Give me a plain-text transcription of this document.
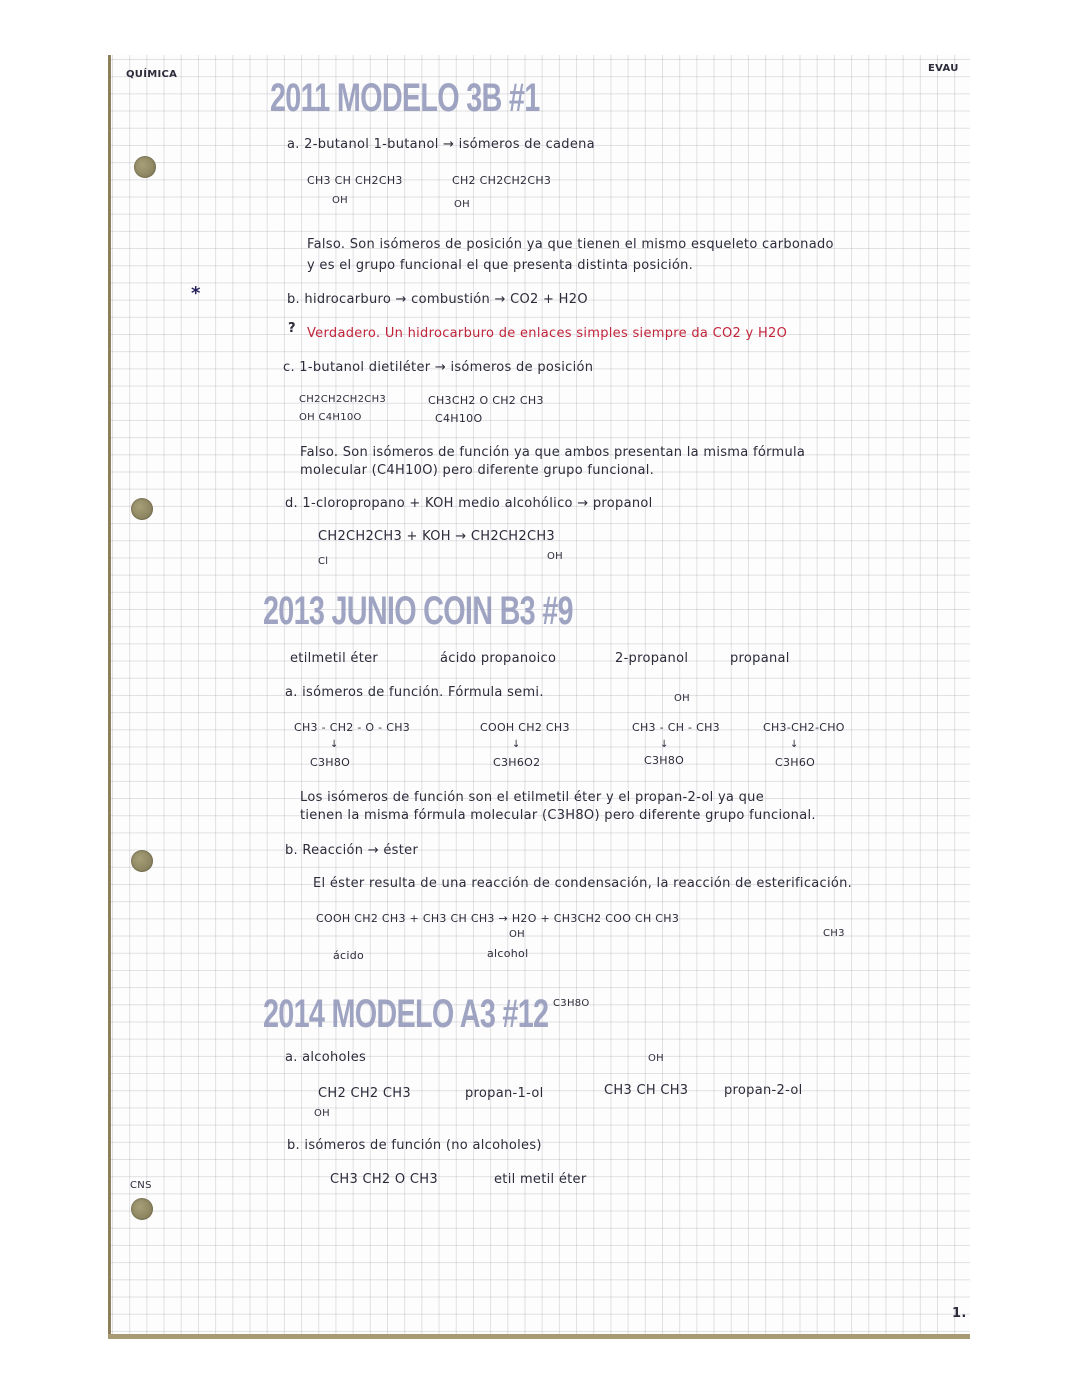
QUÍMICA
EVAU
CNS
1.
2011 MODELO 3B #1
a. 2-butanol 1-butanol → isómeros de cadena
CH3 CH CH2CH3
OH
CH2 CH2CH2CH3
OH
Falso. Son isómeros de posición ya que tienen el mismo esqueleto carbonado
y es el grupo funcional el que presenta distinta posición.
*	b. hidrocarburo → combustión → CO2 + H2O
? Verdadero. Un hidrocarburo de enlaces simples siempre da CO2 y H2O
c. 1-butanol dietiléter → isómeros de posición
CH2CH2CH2CH3
OH C4H10O
CH3CH2 O CH2 CH3
C4H10O
Falso. Son isómeros de función ya que ambos presentan la misma fórmula
molecular (C4H10O) pero diferente grupo funcional.
d. 1-cloropropano + KOH medio alcohólico → propanol
CH2CH2CH3 + KOH → CH2CH2CH3
Cl	OH
2013 JUNIO COIN B3 #9
etilmetil éter	ácido propanoico	2-propanol	propanal
a. isómeros de función. Fórmula semi.	OH
CH3 - CH2 - O - CH3	COOH CH2 CH3	CH3 - CH - CH3	CH3-CH2-CHO
↓	↓	↓	↓
C3H8O	C3H6O2	C3H8O	C3H6O
Los isómeros de función son el etilmetil éter y el propan-2-ol ya que
tienen la misma fórmula molecular (C3H8O) pero diferente grupo funcional.
b. Reacción → éster
El éster resulta de una reacción de condensación, la reacción de esterificación.
COOH CH2 CH3 + CH3 CH CH3 → H2O + CH3CH2 COO CH CH3
OH	CH3
ácido	alcohol
2014 MODELO A3 #12 C3H8O
a. alcoholes	OH
CH2 CH2 CH3
OH
propan-1-ol	CH3 CH CH3	propan-2-ol
b. isómeros de función (no alcoholes)
CH3 CH2 O CH3	etil metil éter
